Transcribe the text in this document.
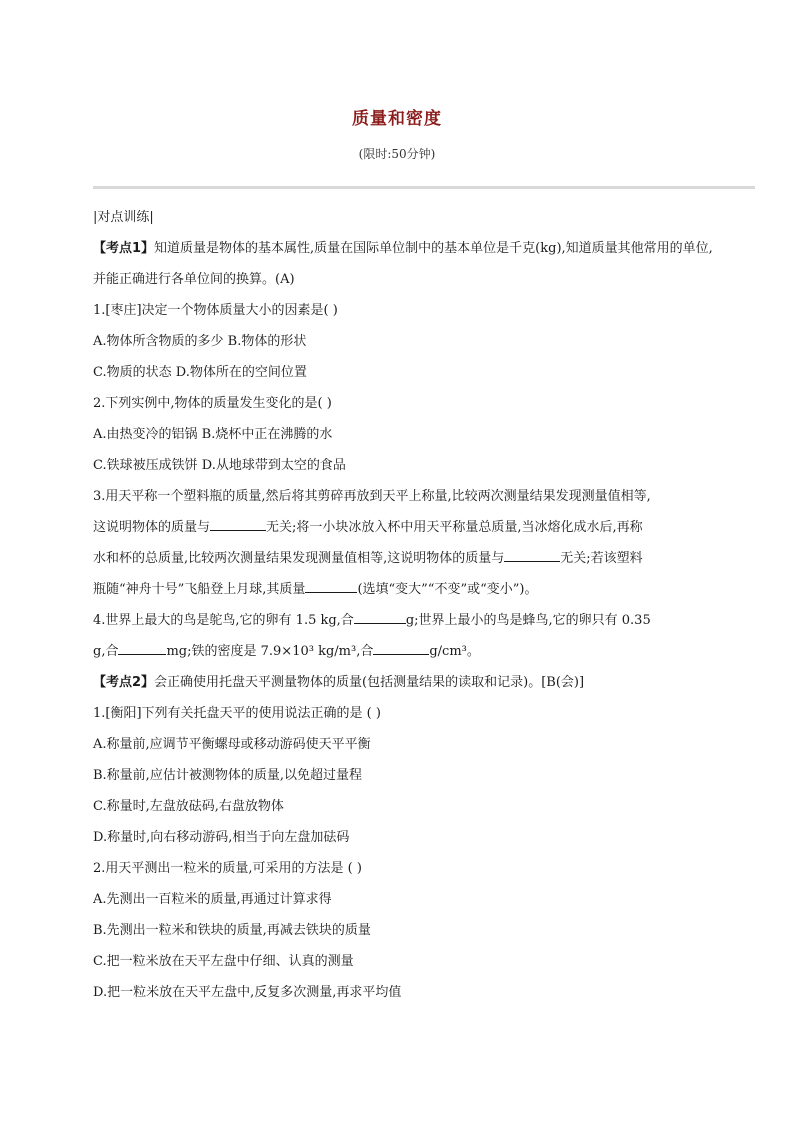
质量和密度
(限时:50分钟)
|对点训练|
【考点1】知道质量是物体的基本属性,质量在国际单位制中的基本单位是千克(kg),知道质量其他常用的单位,并能正确进行各单位间的换算。(A)
1.[枣庄]决定一个物体质量大小的因素是( )
A.物体所含物质的多少 B.物体的形状
C.物质的状态 D.物体所在的空间位置
2.下列实例中,物体的质量发生变化的是( )
A.由热变冷的铝锅 B.烧杯中正在沸腾的水
C.铁球被压成铁饼 D.从地球带到太空的食品
3.用天平称一个塑料瓶的质量,然后将其剪碎再放到天平上称量,比较两次测量结果发现测量值相等,
这说明物体的质量与	无关;将一小块冰放入杯中用天平称量总质量,当冰熔化成水后,再称
水和杯的总质量,比较两次测量结果发现测量值相等,这说明物体的质量与	无关;若该塑料
瓶随“神舟十号”飞船登上月球,其质量	(选填“变大”“不变”或“变小”)。
4.世界上最大的鸟是鸵鸟,它的卵有 1.5 kg,合	g;世界上最小的鸟是蜂鸟,它的卵只有 0.35
g,合	mg;铁的密度是 7.9×10³ kg/m³,合	g/cm³。
【考点2】会正确使用托盘天平测量物体的质量(包括测量结果的读取和记录)。[B(会)]
1.[衡阳]下列有关托盘天平的使用说法正确的是 ( )
A.称量前,应调节平衡螺母或移动游码使天平平衡
B.称量前,应估计被测物体的质量,以免超过量程
C.称量时,左盘放砝码,右盘放物体
D.称量时,向右移动游码,相当于向左盘加砝码
2.用天平测出一粒米的质量,可采用的方法是 ( )
A.先测出一百粒米的质量,再通过计算求得
B.先测出一粒米和铁块的质量,再减去铁块的质量
C.把一粒米放在天平左盘中仔细、认真的测量
D.把一粒米放在天平左盘中,反复多次测量,再求平均值
